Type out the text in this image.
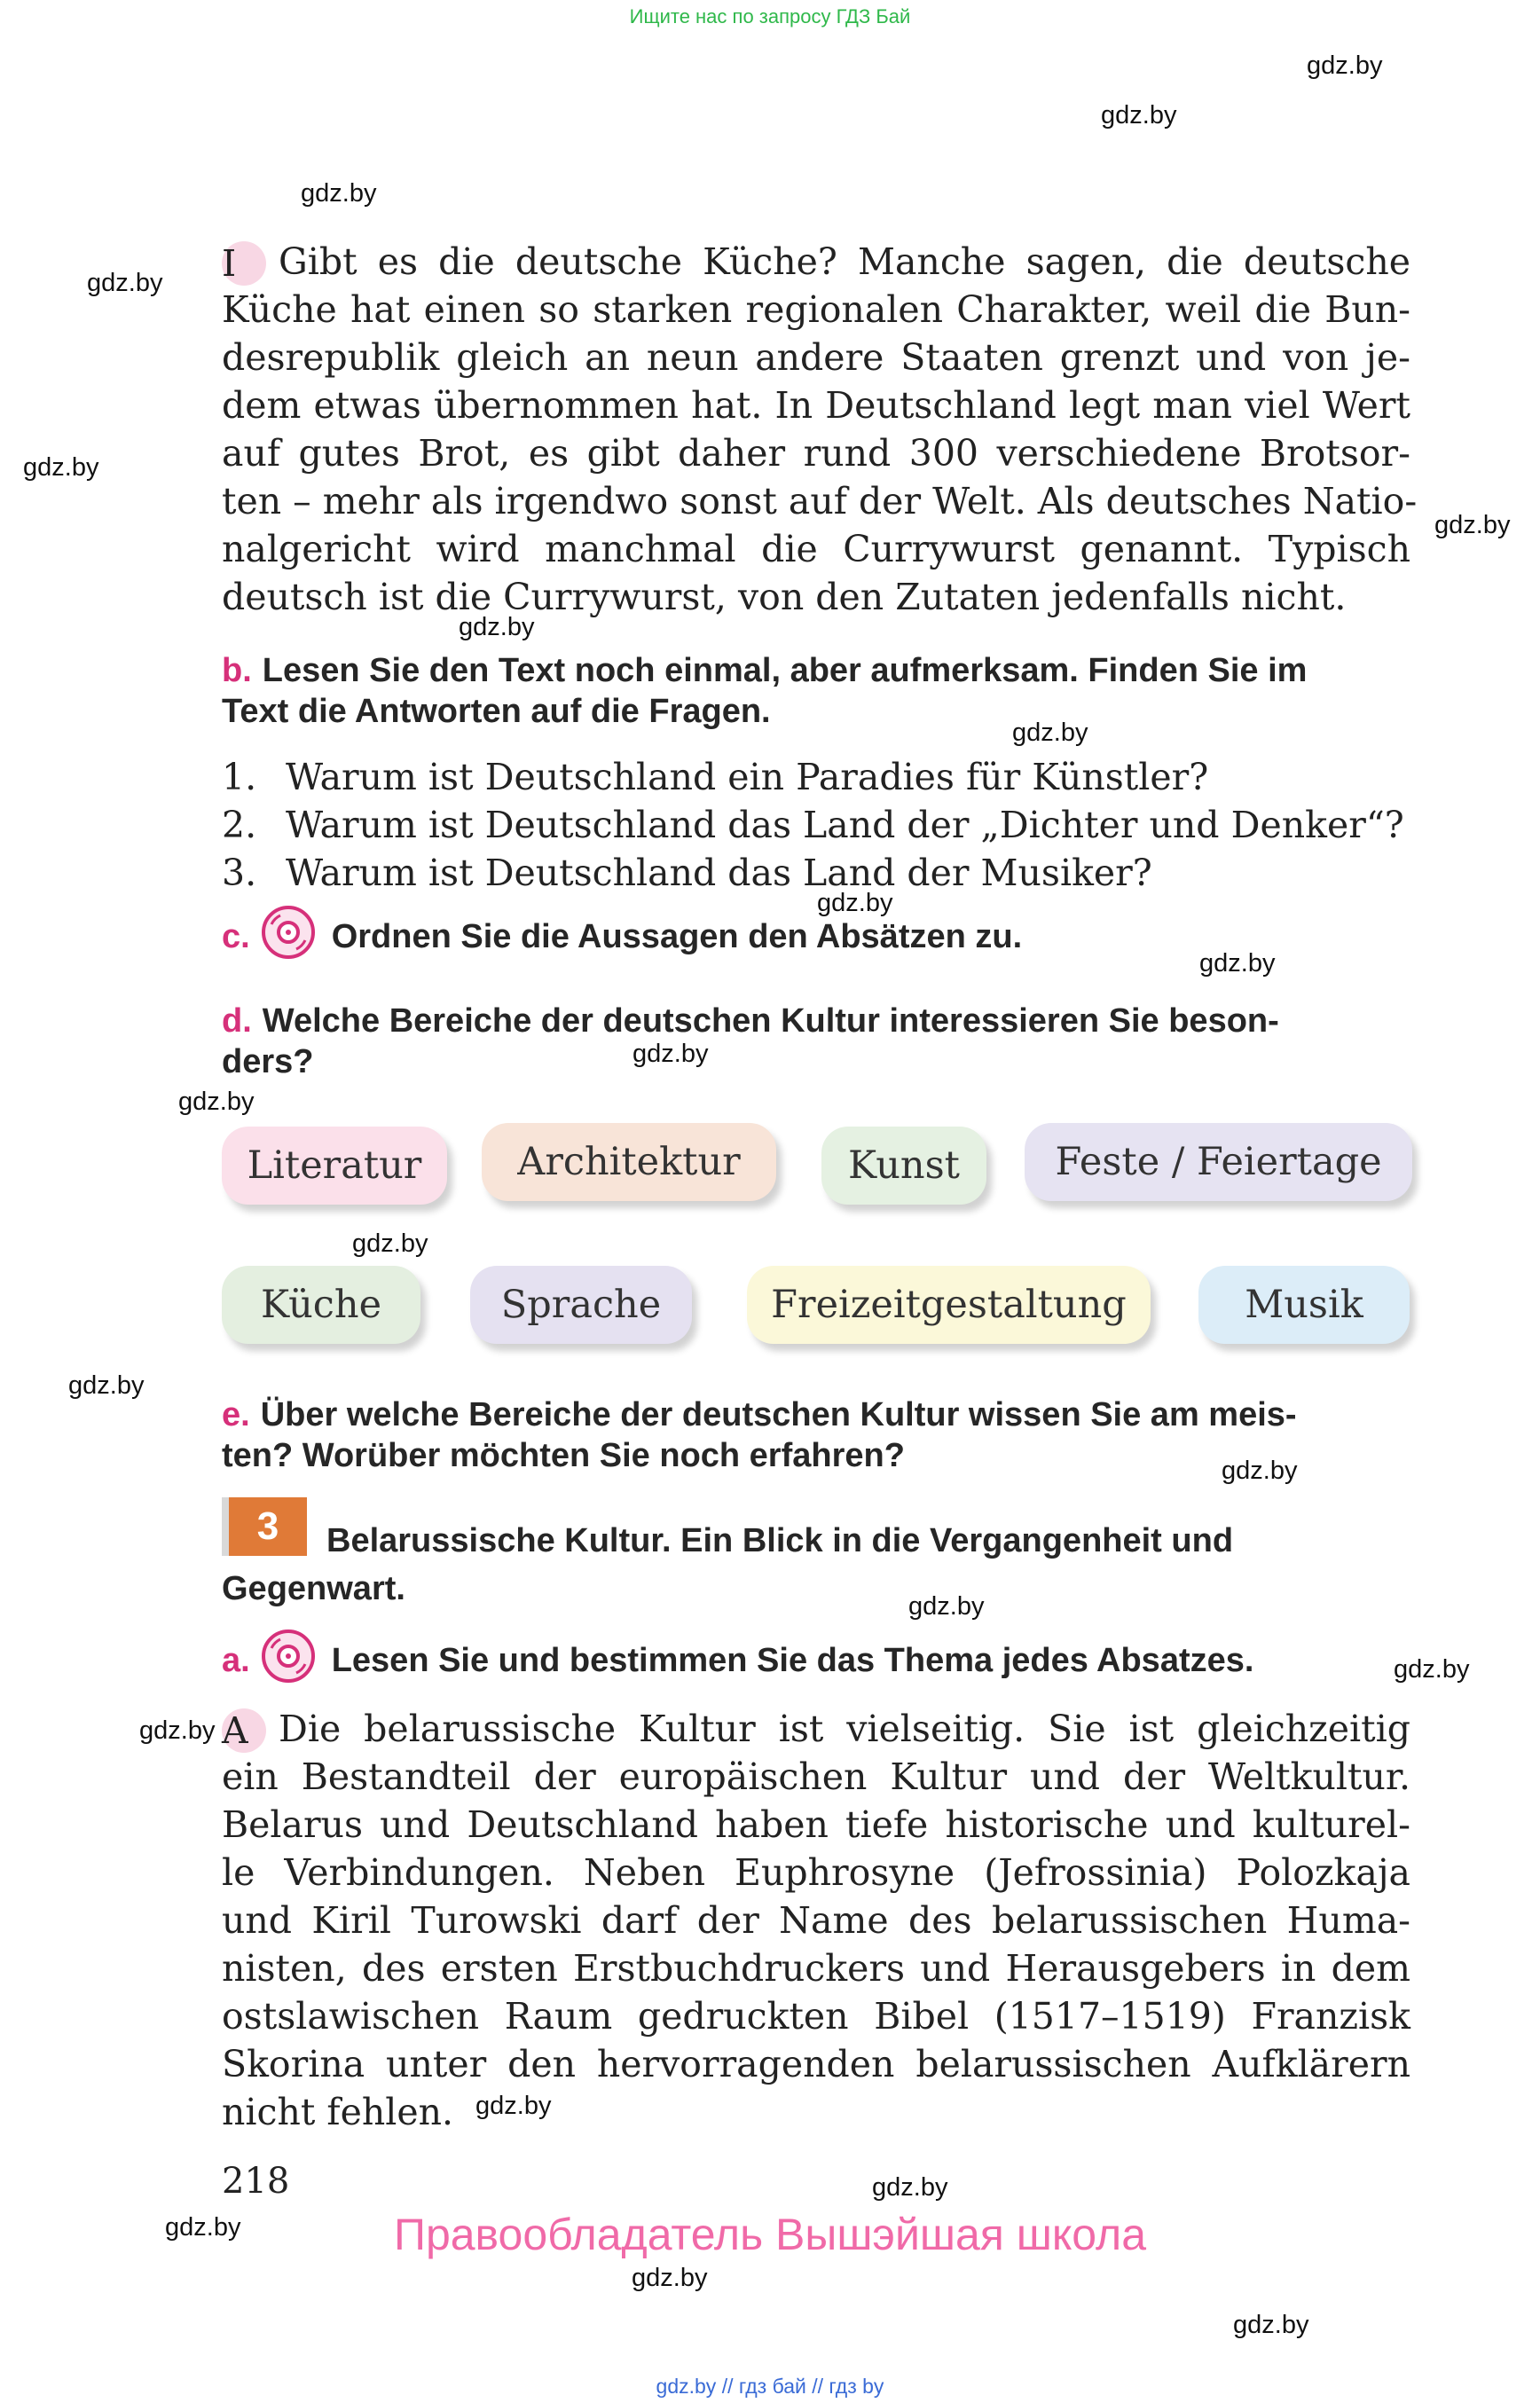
Ищите нас по запросу ГДЗ Бай
gdz.by
gdz.by
gdz.by
gdz.by
gdz.by
gdz.by
gdz.by
gdz.by
gdz.by
gdz.by
gdz.by
gdz.by
gdz.by
gdz.by
gdz.by
gdz.by
gdz.by
gdz.by
gdz.by
gdz.by
gdz.by
gdz.by
gdz.by
I Gibt es die deutsche Küche? Manche sagen, die deutsche
Küche hat einen so starken regionalen Charakter, weil die Bun-
desrepublik gleich an neun andere Staaten grenzt und von je-
dem etwas übernommen hat. In Deutschland legt man viel Wert
auf gutes Brot, es gibt daher rund 300 verschiedene Brotsor-
ten – mehr als irgendwo sonst auf der Welt. Als deutsches Natio-
nalgericht wird manchmal die Currywurst genannt. Typisch
deutsch ist die Currywurst, von den Zutaten jedenfalls nicht.
b. Lesen Sie den Text noch einmal, aber aufmerksam. Finden Sie im
Text die Antworten auf die Fragen.
1. Warum ist Deutschland ein Paradies für Künstler?
2. Warum ist Deutschland das Land der „Dichter und Denker“?
3. Warum ist Deutschland das Land der Musiker?
c. Ordnen Sie die Aussagen den Absätzen zu.
d. Welche Bereiche der deutschen Kultur interessieren Sie beson-
ders?
Literatur	Architektur	Kunst	Feste / Feiertage
Küche	Sprache	Freizeitgestaltung	Musik
e. Über welche Bereiche der deutschen Kultur wissen Sie am meis-
ten? Worüber möchten Sie noch erfahren?
3	Belarussische Kultur. Ein Blick in die Vergangenheit und
Gegenwart.
a. Lesen Sie und bestimmen Sie das Thema jedes Absatzes.
A Die belarussische Kultur ist vielseitig. Sie ist gleichzeitig
ein Bestandteil der europäischen Kultur und der Weltkultur.
Belarus und Deutschland haben tiefe historische und kulturel-
le Verbindungen. Neben Euphrosyne (Jefrossinia) Polozkaja
und Kiril Turowski darf der Name des belarussischen Huma-
nisten, des ersten Erstbuchdruckers und Herausgebers in dem
ostslawischen Raum gedruckten Bibel (1517–1519) Franzisk
Skorina unter den hervorragenden belarussischen Aufklärern
nicht fehlen.
218
Правообладатель Вышэйшая школа
gdz.by // гдз бай // гдз by
